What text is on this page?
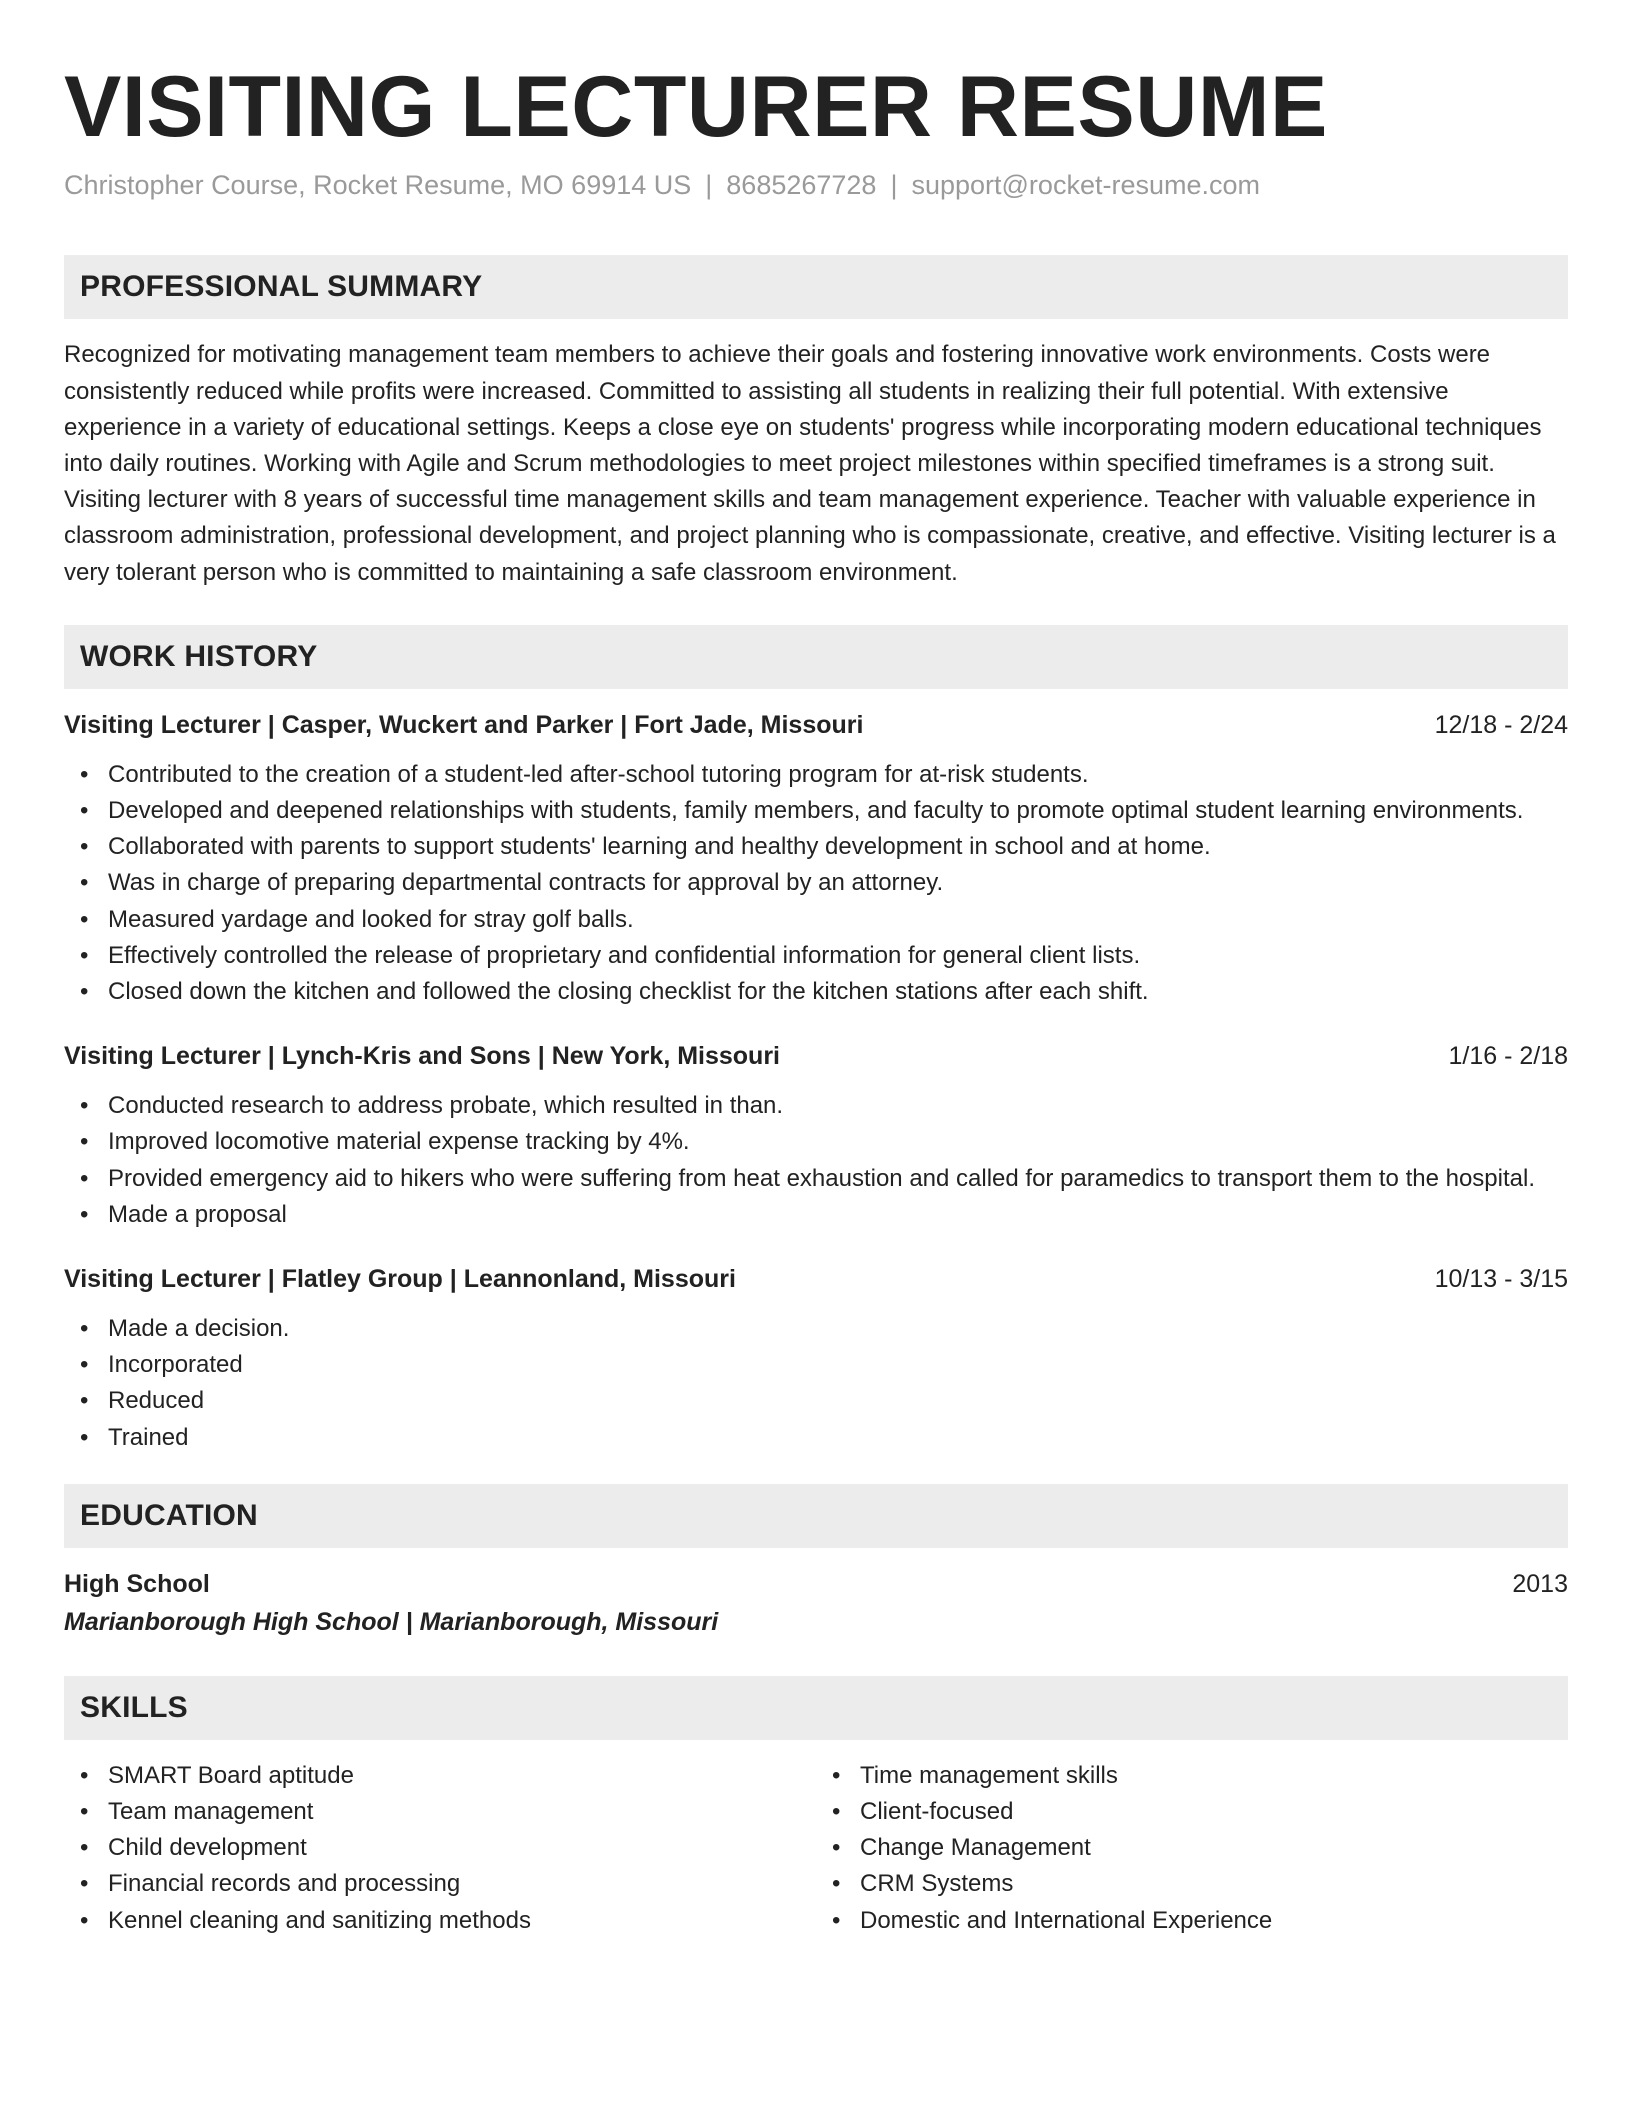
VISITING LECTURER RESUME
Christopher Course, Rocket Resume, MO 69914 US | 8685267728 | support@rocket-resume.com
PROFESSIONAL SUMMARY

Recognized for motivating management team members to achieve their goals and fostering innovative work environments. Costs were consistently reduced while profits were increased. Committed to assisting all students in realizing their full potential. With extensive experience in a variety of educational settings. Keeps a close eye on students' progress while incorporating modern educational techniques into daily routines. Working with Agile and Scrum methodologies to meet project milestones within specified timeframes is a strong suit. Visiting lecturer with 8 years of successful time management skills and team management experience. Teacher with valuable experience in classroom administration, professional development, and project planning who is compassionate, creative, and effective. Visiting lecturer is a very tolerant person who is committed to maintaining a safe classroom environment.

WORK HISTORY
Visiting Lecturer | Casper, Wuckert and Parker | Fort Jade, Missouri	12/18 - 2/24
• Contributed to the creation of a student-led after-school tutoring program for at-risk students.
• Developed and deepened relationships with students, family members, and faculty to promote optimal student learning environments.
• Collaborated with parents to support students' learning and healthy development in school and at home.
• Was in charge of preparing departmental contracts for approval by an attorney.
• Measured yardage and looked for stray golf balls.
• Effectively controlled the release of proprietary and confidential information for general client lists.
• Closed down the kitchen and followed the closing checklist for the kitchen stations after each shift.
Visiting Lecturer | Lynch-Kris and Sons | New York, Missouri	1/16 - 2/18
• Conducted research to address probate, which resulted in than.
• Improved locomotive material expense tracking by 4%.
• Provided emergency aid to hikers who were suffering from heat exhaustion and called for paramedics to transport them to the hospital.
• Made a proposal
Visiting Lecturer | Flatley Group | Leannonland, Missouri	10/13 - 3/15
• Made a decision.
• Incorporated
• Reduced
• Trained
EDUCATION
High School	2013
Marianborough High School | Marianborough, Missouri
SKILLS
• SMART Board aptitude
• Team management
• Child development
• Financial records and processing
• Kennel cleaning and sanitizing methods
• Time management skills
• Client-focused
• Change Management
• CRM Systems
• Domestic and International Experience
